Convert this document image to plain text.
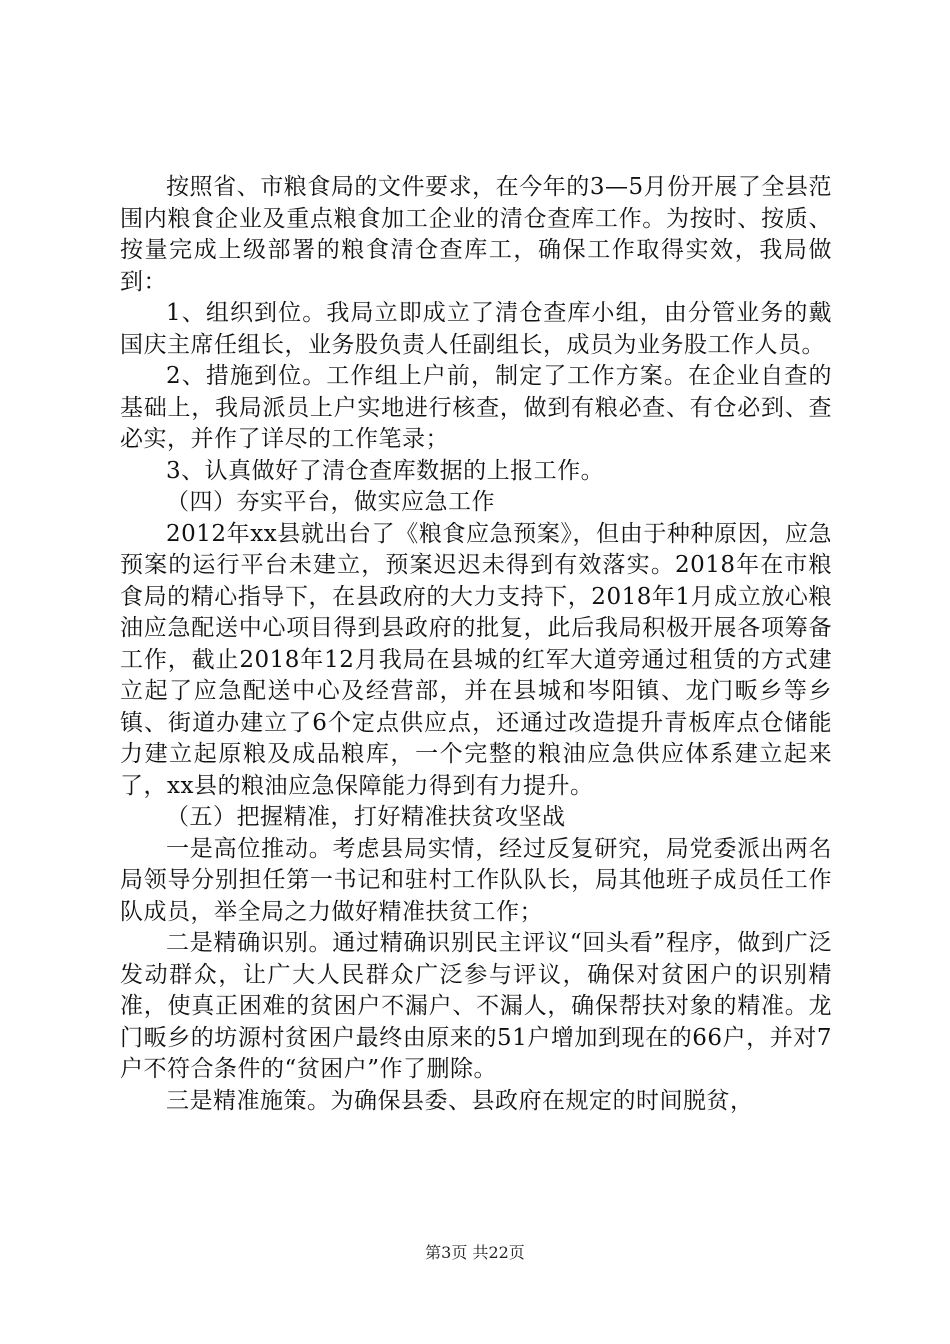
按照省、市粮食局的文件要求，在今年的3—5月份开展了全县范围内粮食企业及重点粮食加工企业的清仓查库工作。为按时、按质、按量完成上级部署的粮食清仓查库工，确保工作取得实效，我局做到：

1、组织到位。我局立即成立了清仓查库小组，由分管业务的戴国庆主席任组长，业务股负责人任副组长，成员为业务股工作人员。

2、措施到位。工作组上户前，制定了工作方案。在企业自查的基础上，我局派员上户实地进行核查，做到有粮必查、有仓必到、查必实，并作了详尽的工作笔录；

3、认真做好了清仓查库数据的上报工作。

（四）夯实平台，做实应急工作

2012年xx县就出台了《粮食应急预案》，但由于种种原因，应急预案的运行平台未建立，预案迟迟未得到有效落实。2018年在市粮食局的精心指导下，在县政府的大力支持下，2018年1月成立放心粮油应急配送中心项目得到县政府的批复，此后我局积极开展各项筹备工作，截止2018年12月我局在县城的红军大道旁通过租赁的方式建立起了应急配送中心及经营部，并在县城和岑阳镇、龙门畈乡等乡镇、街道办建立了6个定点供应点，还通过改造提升青板库点仓储能力建立起原粮及成品粮库，一个完整的粮油应急供应体系建立起来了，xx县的粮油应急保障能力得到有力提升。

（五）把握精准，打好精准扶贫攻坚战

一是高位推动。考虑县局实情，经过反复研究，局党委派出两名局领导分别担任第一书记和驻村工作队队长，局其他班子成员任工作队成员，举全局之力做好精准扶贫工作；

二是精确识别。通过精确识别民主评议“回头看”程序，做到广泛发动群众，让广大人民群众广泛参与评议，确保对贫困户的识别精准，使真正困难的贫困户不漏户、不漏人，确保帮扶对象的精准。龙门畈乡的坊源村贫困户最终由原来的51户增加到现在的66户，并对7户不符合条件的“贫困户”作了删除。

三是精准施策。为确保县委、县政府在规定的时间脱贫，

第3页 共22页
